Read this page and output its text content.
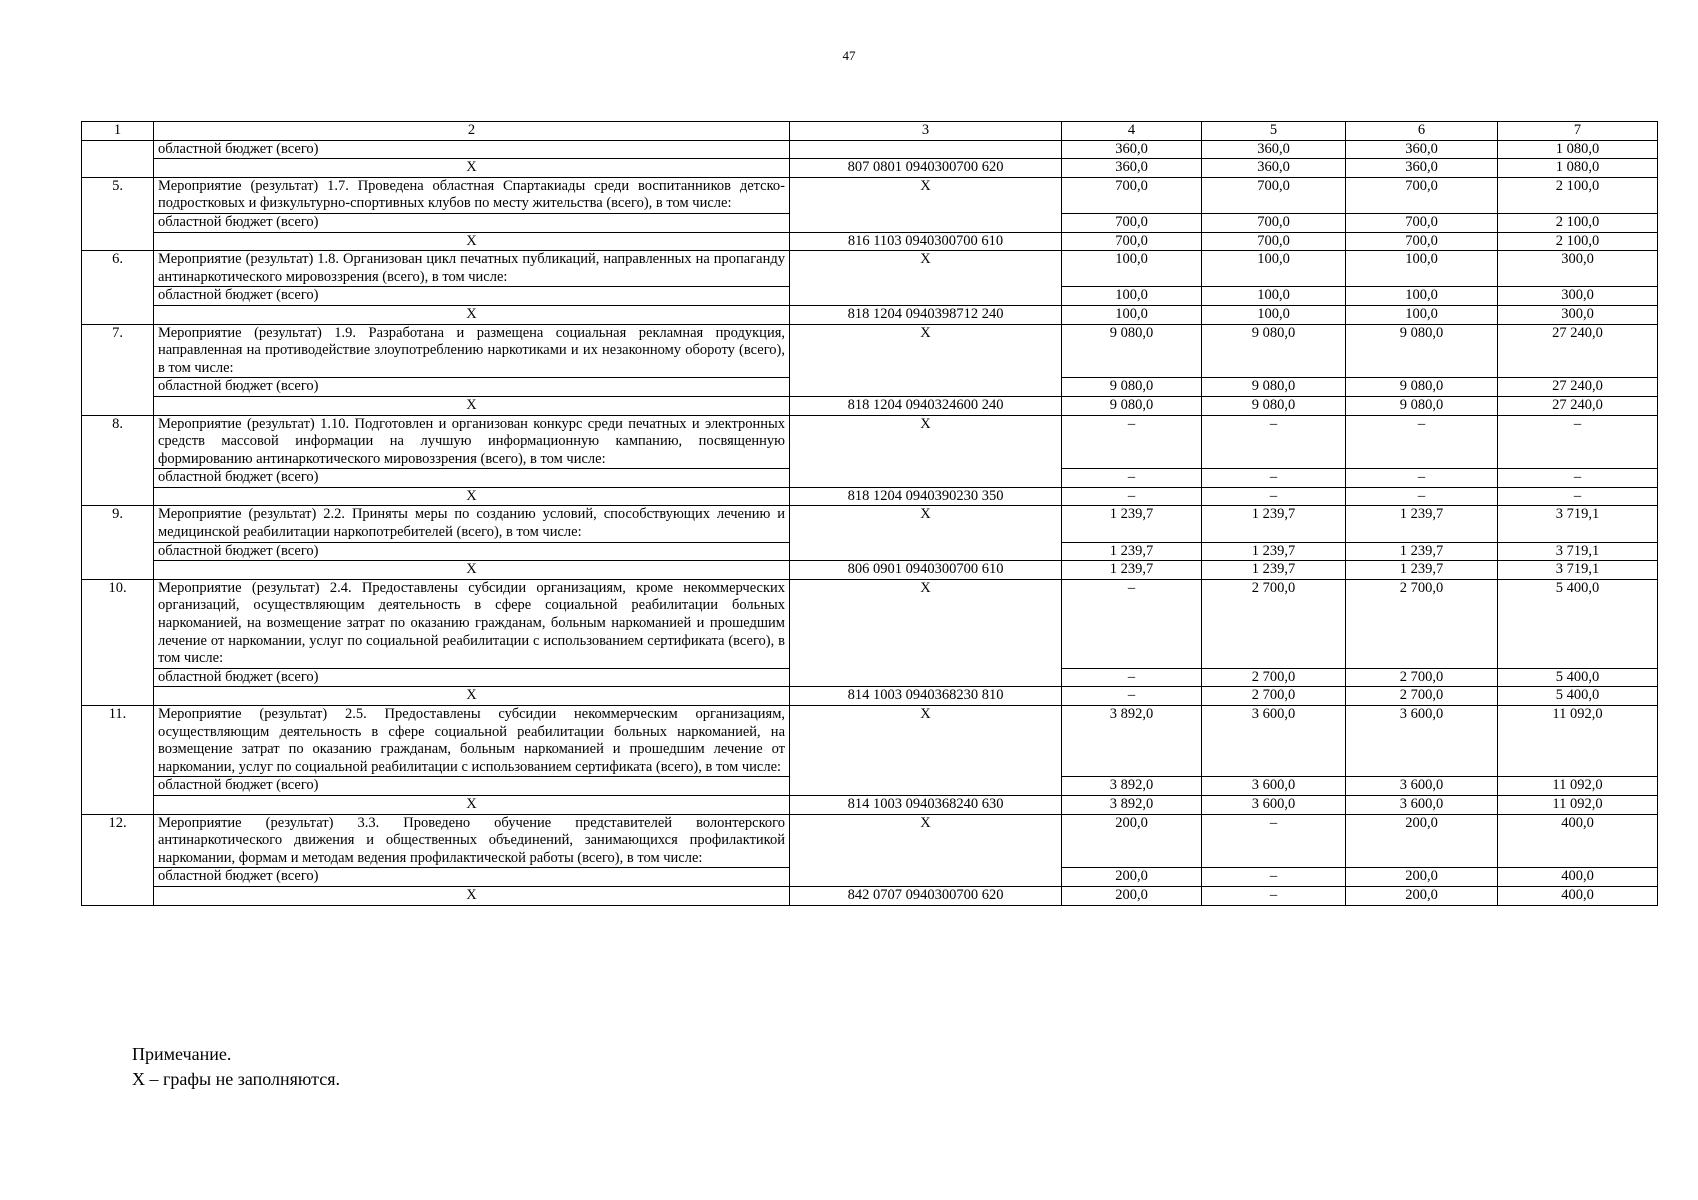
47
1	2	3	4	5	6	7
	областной бюджет (всего)		360,0	360,0	360,0	1 080,0
	Х	807 0801 0940300700 620	360,0	360,0	360,0	1 080,0
5.	Мероприятие (результат) 1.7. Проведена областная Спартакиады среди воспитанников детско-подростковых и физкультурно-спортивных клубов по месту жительства (всего), в том числе:	Х	700,0	700,0	700,0	2 100,0
	областной бюджет (всего)		700,0	700,0	700,0	2 100,0
	Х	816 1103 0940300700 610	700,0	700,0	700,0	2 100,0
6.	Мероприятие (результат) 1.8. Организован цикл печатных публикаций, направленных на пропаганду антинаркотического мировоззрения (всего), в том числе:	Х	100,0	100,0	100,0	300,0
	областной бюджет (всего)		100,0	100,0	100,0	300,0
	Х	818 1204 0940398712 240	100,0	100,0	100,0	300,0
7.	Мероприятие (результат) 1.9. Разработана и размещена социальная рекламная продукция, направленная на противодействие злоупотреблению наркотиками и их незаконному обороту (всего), в том числе:	Х	9 080,0	9 080,0	9 080,0	27 240,0
	областной бюджет (всего)		9 080,0	9 080,0	9 080,0	27 240,0
	Х	818 1204 0940324600 240	9 080,0	9 080,0	9 080,0	27 240,0
8.	Мероприятие (результат) 1.10. Подготовлен и организован конкурс среди печатных и электронных средств массовой информации на лучшую информационную кампанию, посвященную формированию антинаркотического мировоззрения (всего), в том числе:	Х	–	–	–	–
	областной бюджет (всего)		–	–	–	–
	Х	818 1204 0940390230 350	–	–	–	–
9.	Мероприятие (результат) 2.2. Приняты меры по созданию условий, способствующих лечению и медицинской реабилитации наркопотребителей (всего), в том числе:	Х	1 239,7	1 239,7	1 239,7	3 719,1
	областной бюджет (всего)		1 239,7	1 239,7	1 239,7	3 719,1
	Х	806 0901 0940300700 610	1 239,7	1 239,7	1 239,7	3 719,1
10.	Мероприятие (результат) 2.4. Предоставлены субсидии организациям, кроме некоммерческих организаций, осуществляющим деятельность в сфере социальной реабилитации больных наркоманией, на возмещение затрат по оказанию гражданам, больным наркоманией и прошедшим лечение от наркомании, услуг по социальной реабилитации с использованием сертификата (всего), в том числе:	Х	–	2 700,0	2 700,0	5 400,0
	областной бюджет (всего)		–	2 700,0	2 700,0	5 400,0
	Х	814 1003 0940368230 810	–	2 700,0	2 700,0	5 400,0
11.	Мероприятие (результат) 2.5. Предоставлены субсидии некоммерческим организациям, осуществляющим деятельность в сфере социальной реабилитации больных наркоманией, на возмещение затрат по оказанию гражданам, больным наркоманией и прошедшим лечение от наркомании, услуг по социальной реабилитации с использованием сертификата (всего), в том числе:	Х	3 892,0	3 600,0	3 600,0	11 092,0
	областной бюджет (всего)		3 892,0	3 600,0	3 600,0	11 092,0
	Х	814 1003 0940368240 630	3 892,0	3 600,0	3 600,0	11 092,0
12.	Мероприятие (результат) 3.3. Проведено обучение представителей волонтерского антинаркотического движения и общественных объединений, занимающихся профилактикой наркомании, формам и методам ведения профилактической работы (всего), в том числе:	Х	200,0	–	200,0	400,0
	областной бюджет (всего)		200,0	–	200,0	400,0
	Х	842 0707 0940300700 620	200,0	–	200,0	400,0
Примечание.
Х – графы не заполняются.
